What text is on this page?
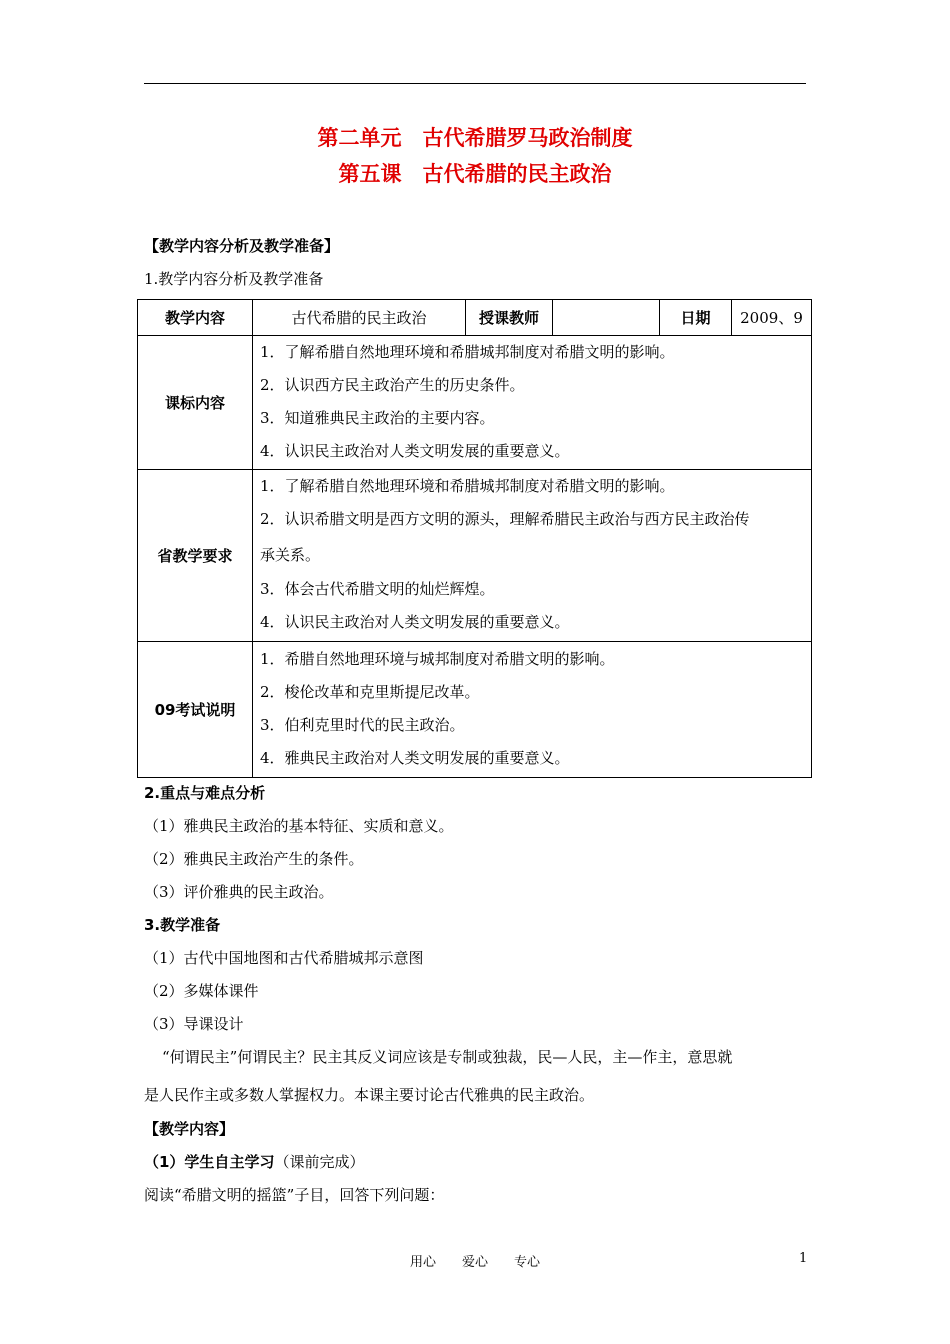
第二单元　古代希腊罗马政治制度
第五课　古代希腊的民主政治
【教学内容分析及教学准备】
1.教学内容分析及教学准备
教学内容	古代希腊的民主政治	授课教师		日期	2009、9
课标内容	1．了解希腊自然地理环境和希腊城邦制度对希腊文明的影响。
2．认识西方民主政治产生的历史条件。
3．知道雅典民主政治的主要内容。
4．认识民主政治对人类文明发展的重要意义。				

省教学要求	1．了解希腊自然地理环境和希腊城邦制度对希腊文明的影响。
2．认识希腊文明是西方文明的源头，理解希腊民主政治与西方民主政治传
承关系。
3．体会古代希腊文明的灿烂辉煌。
4．认识民主政治对人类文明发展的重要意义。				

09考试说明	1．希腊自然地理环境与城邦制度对希腊文明的影响。
2．梭伦改革和克里斯提尼改革。
3．伯利克里时代的民主政治。
4．雅典民主政治对人类文明发展的重要意义。				
2.重点与难点分析
（1）雅典民主政治的基本特征、实质和意义。
（2）雅典民主政治产生的条件。
（3）评价雅典的民主政治。
3.教学准备
（1）古代中国地图和古代希腊城邦示意图
（2）多媒体课件
（3）导课设计
“何谓民主”何谓民主？民主其反义词应该是专制或独裁，民—人民，主—作主，意思就
是人民作主或多数人掌握权力。本课主要讨论古代雅典的民主政治。
【教学内容】
（1）学生自主学习（课前完成）
阅读“希腊文明的摇篮”子目，回答下列问题：
用心　　爱心　　专心	1
